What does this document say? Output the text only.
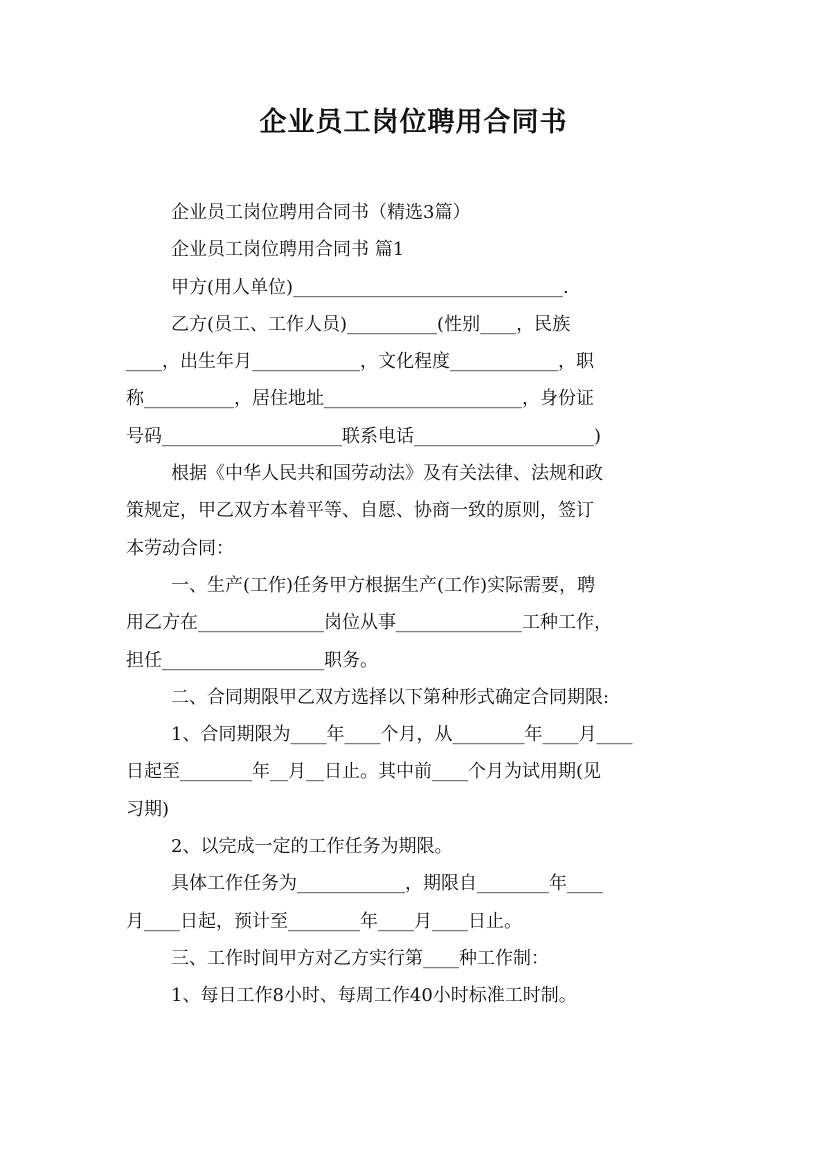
企业员工岗位聘用合同书

企业员工岗位聘用合同书（精选3篇）

企业员工岗位聘用合同书 篇1

甲方(用人单位)______________________________.

乙方(员工、工作人员)__________(性别____，民族

____，出生年月____________，文化程度____________，职

称__________，居住地址______________________，身份证

号码____________________联系电话____________________)

根据《中华人民共和国劳动法》及有关法律、法规和政

策规定，甲乙双方本着平等、自愿、协商一致的原则，签订

本劳动合同：

一、生产(工作)任务甲方根据生产(工作)实际需要，聘

用乙方在______________岗位从事______________工种工作，

担任__________________职务。

二、合同期限甲乙双方选择以下第种形式确定合同期限:

1、合同期限为____年____个月，从________年____月____

日起至________年__月__日止。其中前____个月为试用期(见

习期)

2、以完成一定的工作任务为期限。

具体工作任务为____________，期限自________年____

月____日起，预计至________年____月____日止。

三、工作时间甲方对乙方实行第____种工作制：

1、每日工作8小时、每周工作40小时标准工时制。
